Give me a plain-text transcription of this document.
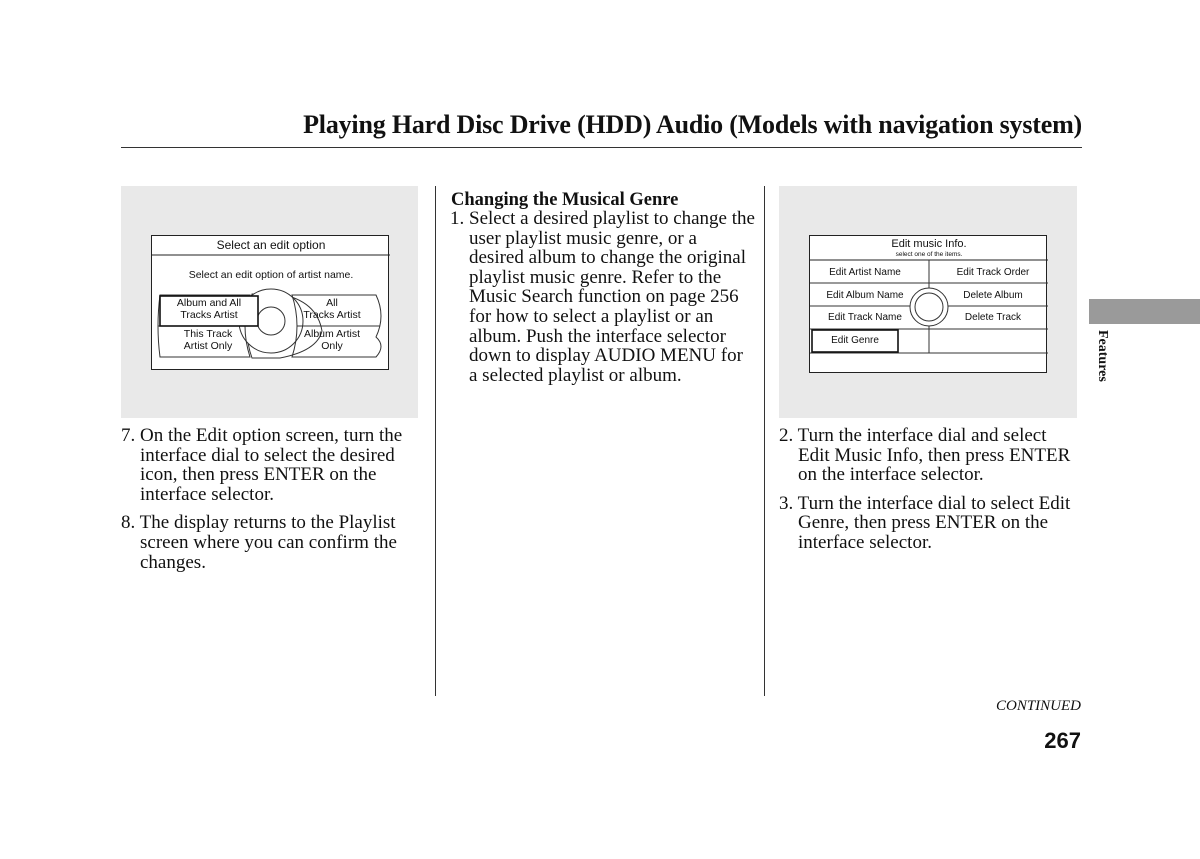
Playing Hard Disc Drive (HDD) Audio (Models with navigation system)
Select an edit option
Select an edit option of artist name.
Album and All
Tracks Artist
All
Tracks Artist
This Track
Artist Only
Album Artist
Only
Edit music Info.
select one of the items.
Edit Artist Name
Edit Album Name
Edit Track Name
Edit Genre
Edit Track Order
Delete Album
Delete Track
7. On the Edit option screen, turn the interface dial to select the desired icon, then press ENTER on the interface selector.
8. The display returns to the Playlist screen where you can confirm the changes.
Changing the Musical Genre
1. Select a desired playlist to change the user playlist music genre, or a desired album to change the original playlist music genre. Refer to the Music Search function on page 256 for how to select a playlist or an album. Push the interface selector down to display AUDIO MENU for a selected playlist or album.
2. Turn the interface dial and select Edit Music Info, then press ENTER on the interface selector.
3. Turn the interface dial to select Edit Genre, then press ENTER on the interface selector.
Features
CONTINUED
267
